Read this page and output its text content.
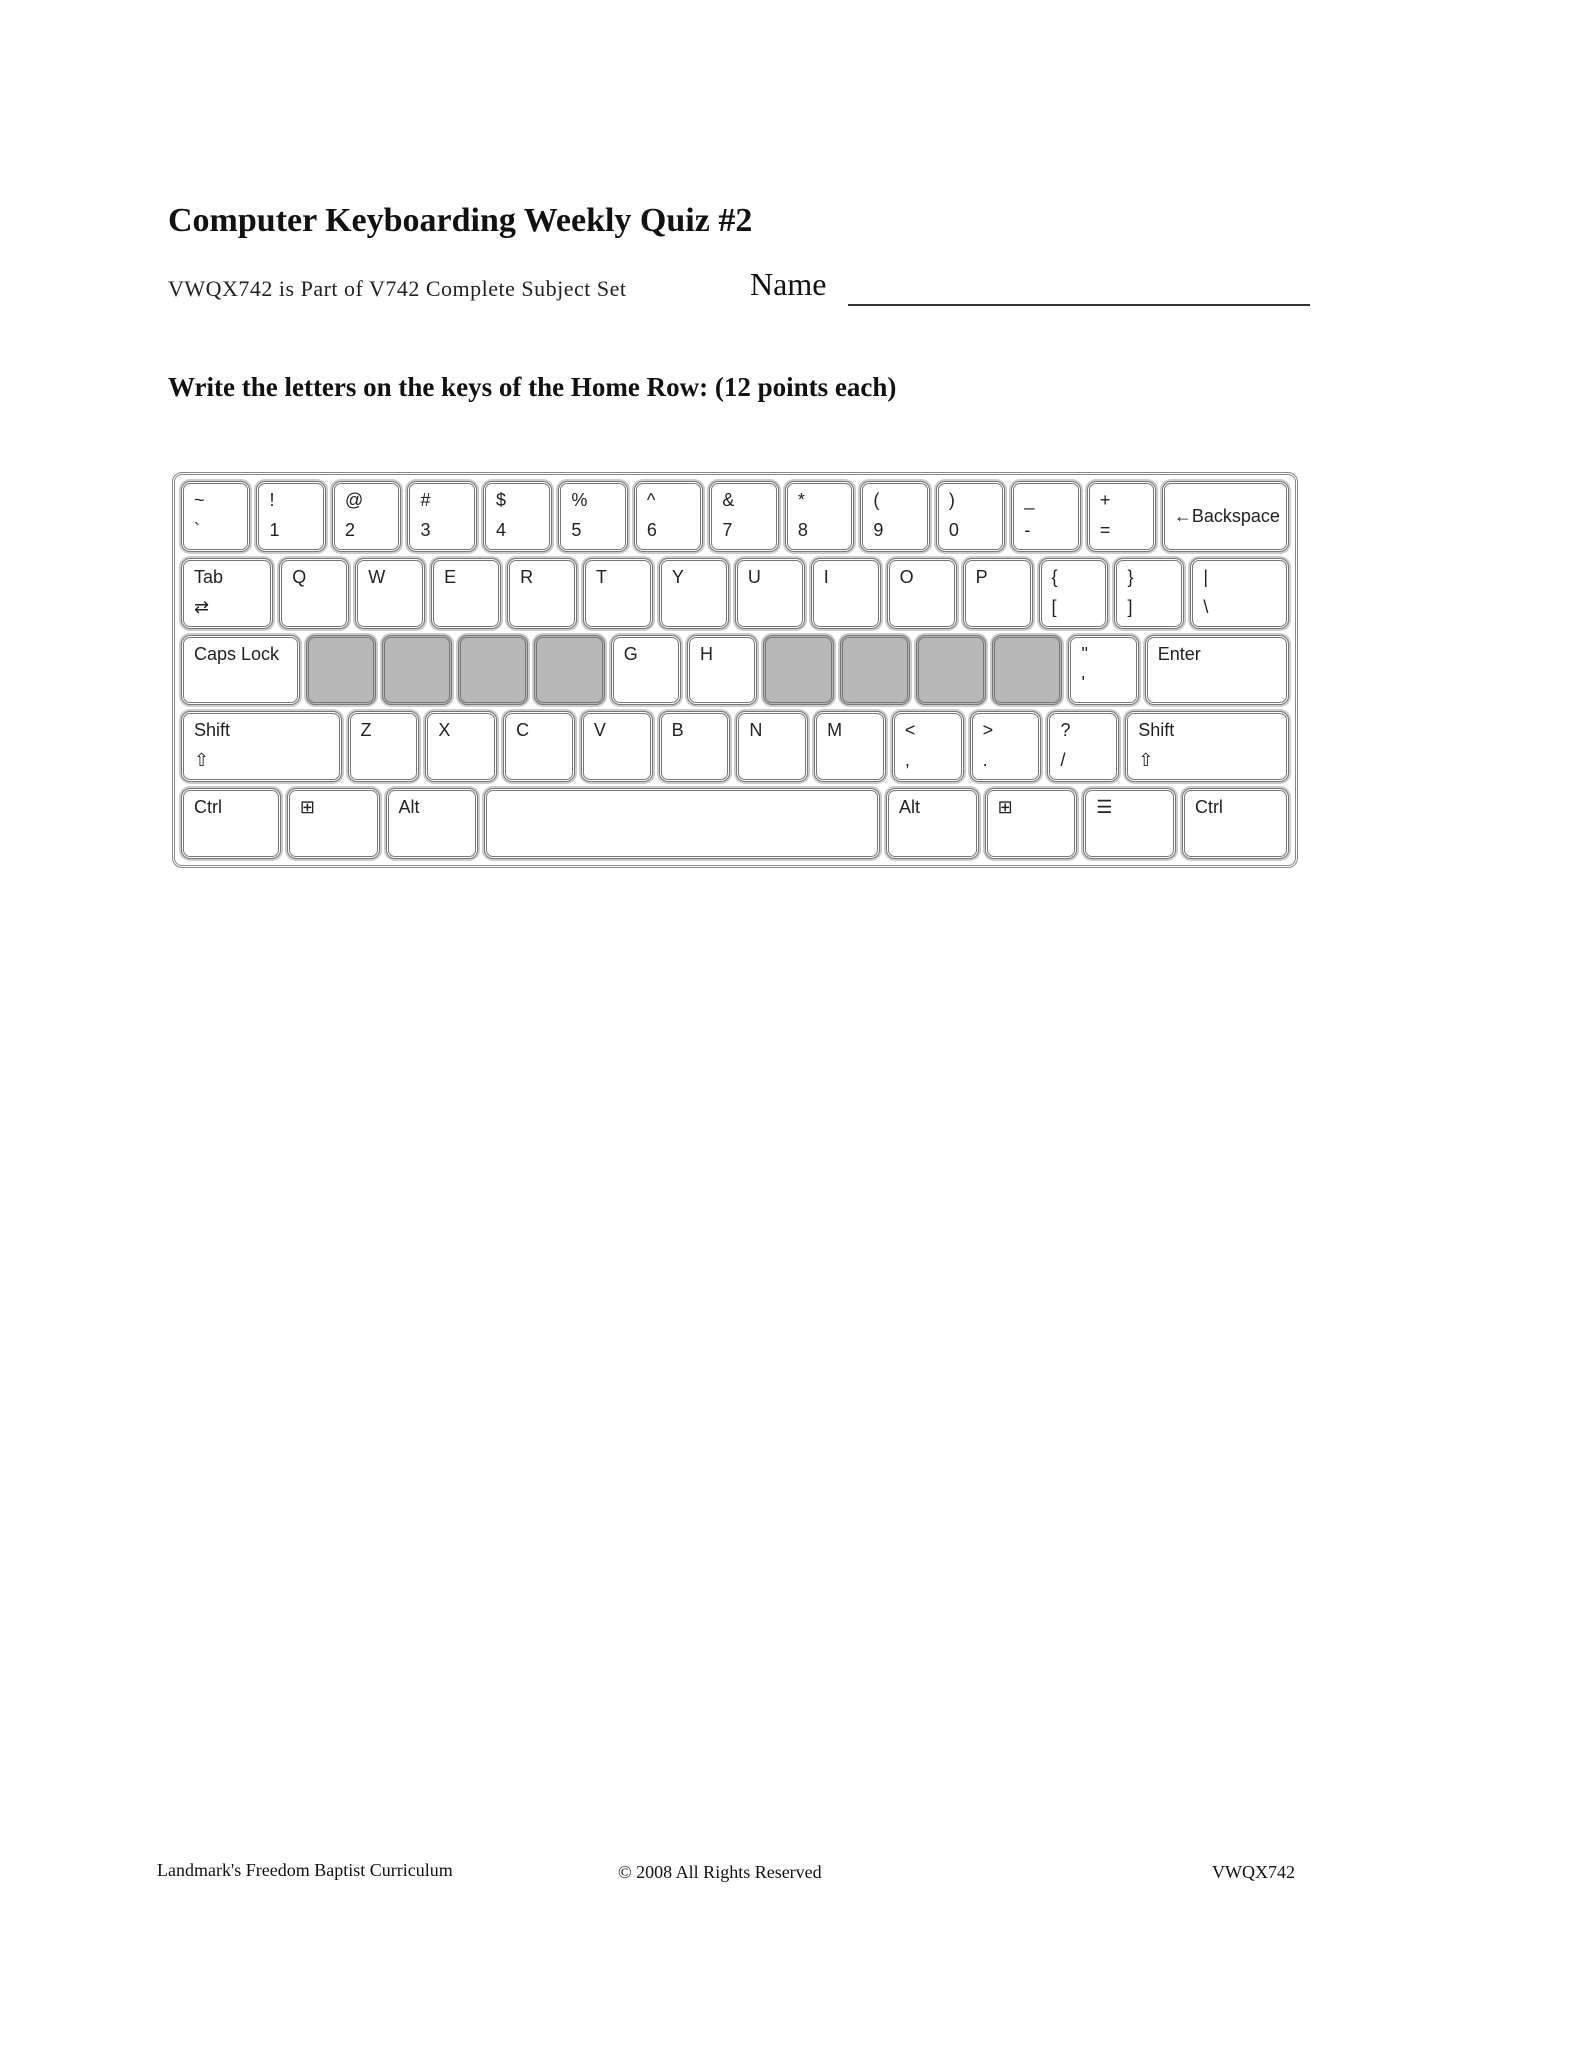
Computer Keyboarding Weekly Quiz #2
VWQX742 is Part of V742 Complete Subject Set	Name
Write the letters on the keys of the Home Row: (12 points each)
~
`
!
1
@
2
#
3
$
4
%
5
^
6
&
7
*
8
(
9
)
0
_
-
+
=
←Backspace
Tab
⇄
Q	W	E	R	T	Y	U	I	O	P	{
[
}
]
|
\
Caps Lock	G	H	"
'
Enter
Shift
⇧
Z	X	C	V	B	N	M	<
,
>
.
?
/
Shift
⇧
Ctrl	⊞	Alt	Alt	⊞	☰	Ctrl
Landmark's Freedom Baptist Curriculum	© 2008 All Rights Reserved	VWQX742
